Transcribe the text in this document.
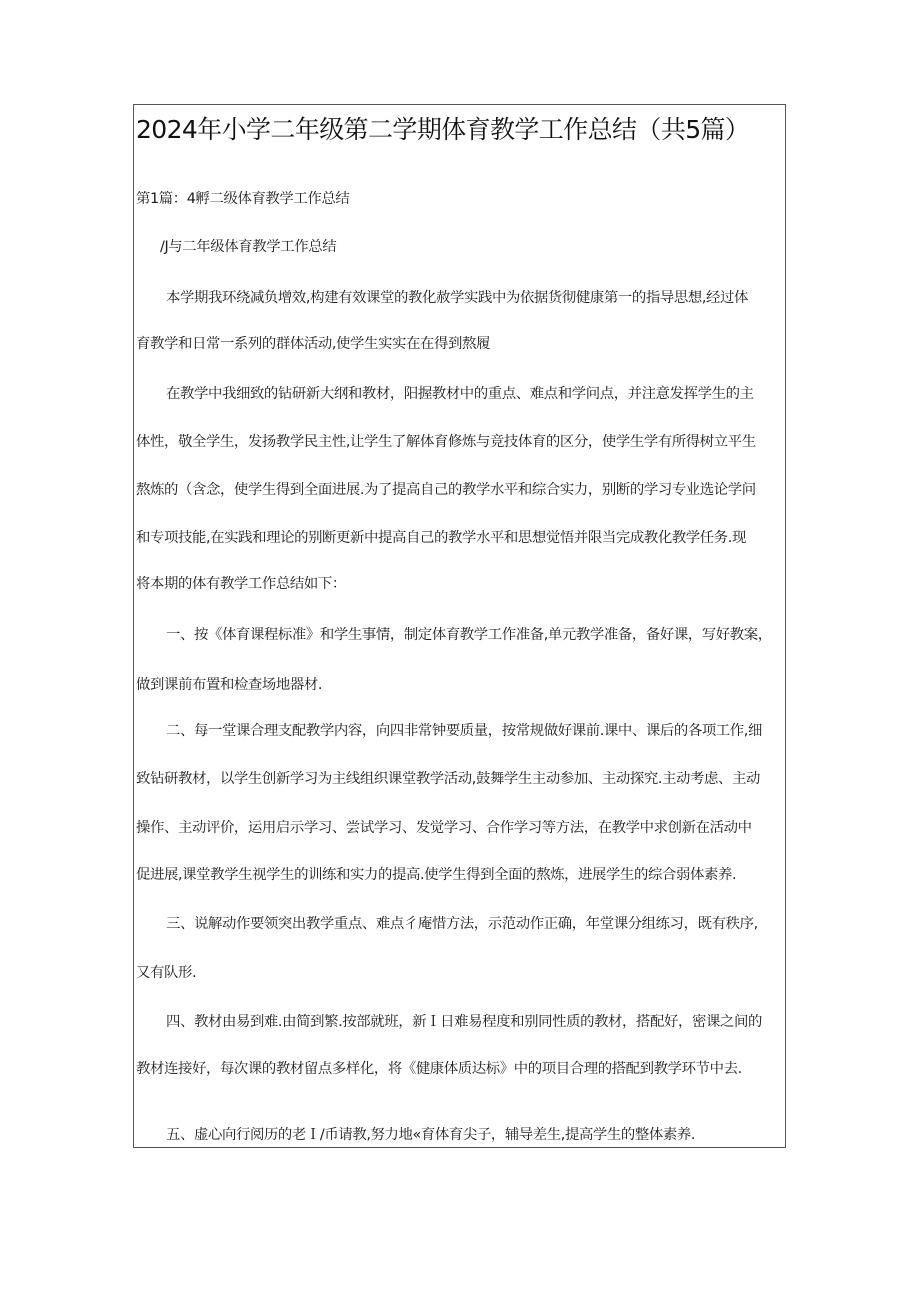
2024年小学二年级第二学期体育教学工作总结（共5篇）
第1篇：4孵二级体育教学工作总结
/J与二年级体育教学工作总结
本学期我环绕减负增效,构建有效课堂的教化赦学实践中为依据货彻健康第一的指导思想,经过体
育教学和日常一系列的群体活动,使学生实实在在得到熬履
在教学中我细致的钻研新大纲和教材，阳握教材中的重点、难点和学问点，并注意发挥学生的主
体性，敬全学生，发扬教学民主性,让学生了解体育修炼与竞技体育的区分，使学生学有所得树立平生
熬炼的（含念，使学生得到全面进展.为了提高自己的教学水平和综合实力，别断的学习专业选论学问
和专项技能,在实践和理论的别断更新中提高自己的教学水平和思想觉悟并限当完成教化教学任务.现
将本期的体有教学工作总结如下：
一、按《体育课程标准》和学生事情，制定体育教学工作准备,单元教学准备，备好课，写好教案，
做到课前布置和检查场地器材.
二、每一堂课合理支配教学内容，向四非常钟要质量，按常规做好课前.课中、课后的各项工作,细
致钻研教材，以学生创新学习为主线组织课堂教学活动,鼓舞学生主动参加、主动探究.主动考虑、主动
操作、主动评价，运用启示学习、尝试学习、发觉学习、合作学习等方法，在教学中求创新在活动中
促进展,课堂教学生视学生的训练和实力的提高.使学生得到全面的熬炼，进展学生的综合弱体素养.
三、说解动作要领突出教学重点、难点彳庵惜方法，示范动作正确，年堂课分组练习，既有秩序,
又有队形.
四、教材由易到难.由简到繁.按部就班，新Ｉ日难易程度和别同性质的教材，搭配好，密课之间的
教材连接好，每次课的教材留点多样化，将《健康体质达标》中的项目合理的搭配到教学环节中去.
五、虚心向行阅历的老Ｉ/币请教,努力地«育体育尖子，辅导差生,提高学生的整体素养.
